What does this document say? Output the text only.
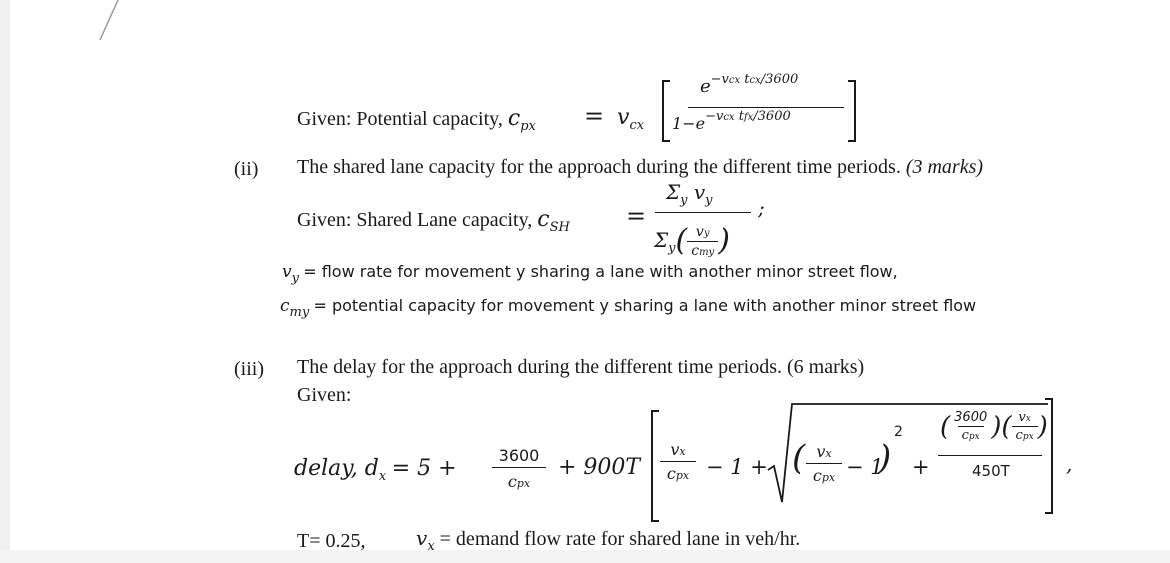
Given: Potential capacity, $c_{px} = v_{cx}$
$e^{-vcx tcx/3600}$
$1-e^{-vcx tfx/3600}$
(ii) The shared lane capacity for the approach during the different time periods. (3 marks)
Given: Shared Lane capacity, $c_{SH}$ =
$\Sigma_y$ $v_y$
$\Sigma_y( \frac{vy}{\text{cmy}}$ )
;
$v_y$ = flow rate for movement y sharing a lane with another minor street flow,
$c_{my}$ = potential capacity for movement y sharing a lane with another minor street flow
(iii) The delay for the approach during the different time periods. (6 marks)
Given:
delay, $d_x = 5$ +
3600
cpx
+ 900T
vx
cpx − 1 + ( vx
cpx − 1
)
2
+
( $\frac{3600}{\text{cpx}}$ )( $\frac{vx}{\text{cpx}}$ )
450T	,
T= 0.25,	$v_x$ = demand flow rate for shared lane in veh/hr.
